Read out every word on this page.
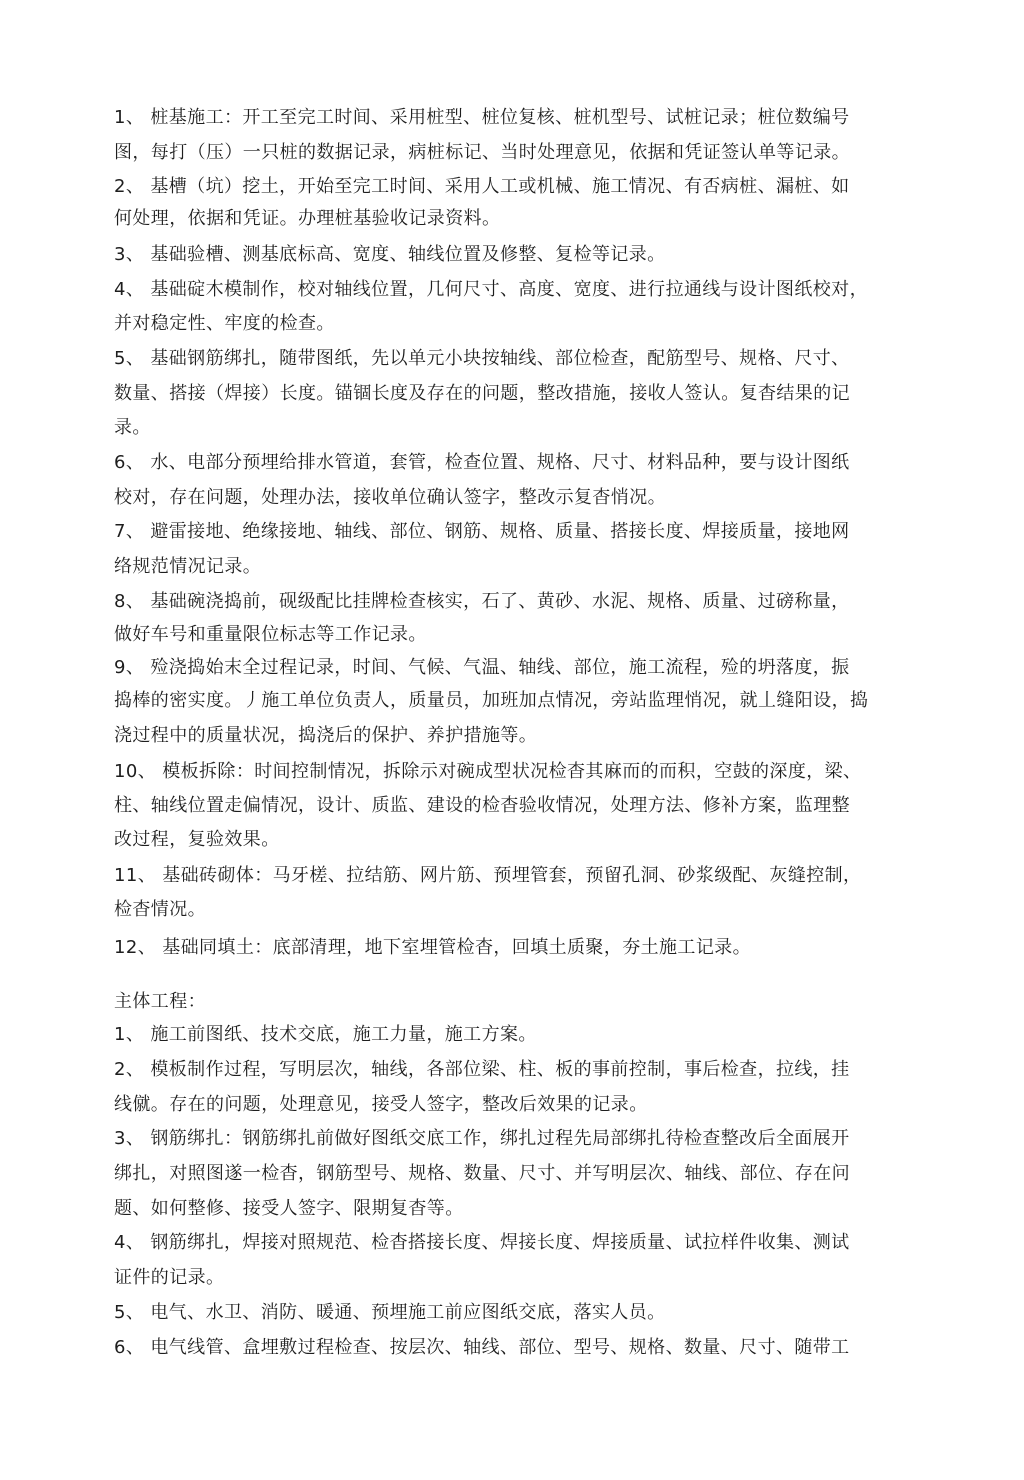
1、 桩基施工：开工至完工时间、采用桩型、桩位复核、桩机型号、试桩记录；桩位数编号
图，每打（压）一只桩的数据记录，病桩标记、当时处理意见，依据和凭证签认单等记录。
2、 基槽（坑）挖土，开始至完工时间、采用人工或机械、施工情况、有否病桩、漏桩、如
何处理，依据和凭证。办理桩基验收记录资料。
3、 基础验槽、测基底标高、宽度、轴线位置及修整、复检等记录。
4、 基础碇木模制作，校对轴线位置，几何尺寸、高度、宽度、进行拉通线与设计图纸校对，
并对稳定性、牢度的检查。
5、 基础钢筋绑扎，随带图纸，先以单元小块按轴线、部位检查，配筋型号、规格、尺寸、
数量、搭接（焊接）长度。锚锢长度及存在的问题，整改措施，接收人签认。复杳结果的记
录。
6、 水、电部分预埋给排水管道，套管，检查位置、规格、尺寸、材料品种，要与设计图纸
校对，存在问题，处理办法，接收单位确认签字，整改示复杳悄况。
7、 避雷接地、绝缘接地、轴线、部位、钢筋、规格、质量、搭接长度、焊接质量，接地网
络规范情况记录。
8、 基础碗浇捣前，砚级配比挂牌检查核实，石了、黄砂、水泥、规格、质量、过磅称量，
做好车号和重量限位标志等工作记录。
9、 殓浇捣始末全过程记录，时间、气候、气温、轴线、部位，施工流程，殓的坍落度，振
捣棒的密实度。丿施工单位负责人，质量员，加班加点情况，旁站监理悄况，就丄缝阳设，捣
浇过程中的质量状况，捣浇后的保护、养护措施等。
10、 模板拆除：时间控制情况，拆除示对碗成型状况检杳其麻而的而积，空鼓的深度，梁、
柱、轴线位置走偏情况，设计、质监、建设的检杳验收情况，处理方法、修补方案，监理整
改过程，复验效果。
11、 基础砖砌体：马牙槎、拉结筋、网片筋、预埋管套，预留孔洞、砂浆级配、灰缝控制，
检杳情况。
12、 基础同填土：底部清理，地下室埋管检杳，回填土质聚，夯土施工记录。
主体工程：
1、 施工前图纸、技术交底，施工力量，施工方案。
2、 模板制作过程，写明层次，轴线，各部位梁、柱、板的事前控制，事后检查，拉线，挂
线僦。存在的问题，处理意见，接受人签字，整改后效果的记录。
3、 钢筋绑扎：钢筋绑扎前做好图纸交底工作，绑扎过程先局部绑扎待检查整改后全面展开
绑扎，对照图遂一检杳，钢筋型号、规格、数量、尺寸、并写明层次、轴线、部位、存在问
题、如何整修、接受人签字、限期复杳等。
4、 钢筋绑扎，焊接对照规范、检杳搭接长度、焊接长度、焊接质量、试拉样件收集、测试
证件的记录。
5、 电气、水卫、消防、暖通、预埋施工前应图纸交底，落实人员。
6、 电气线管、盒埋敷过程检查、按层次、轴线、部位、型号、规格、数量、尺寸、随带工
